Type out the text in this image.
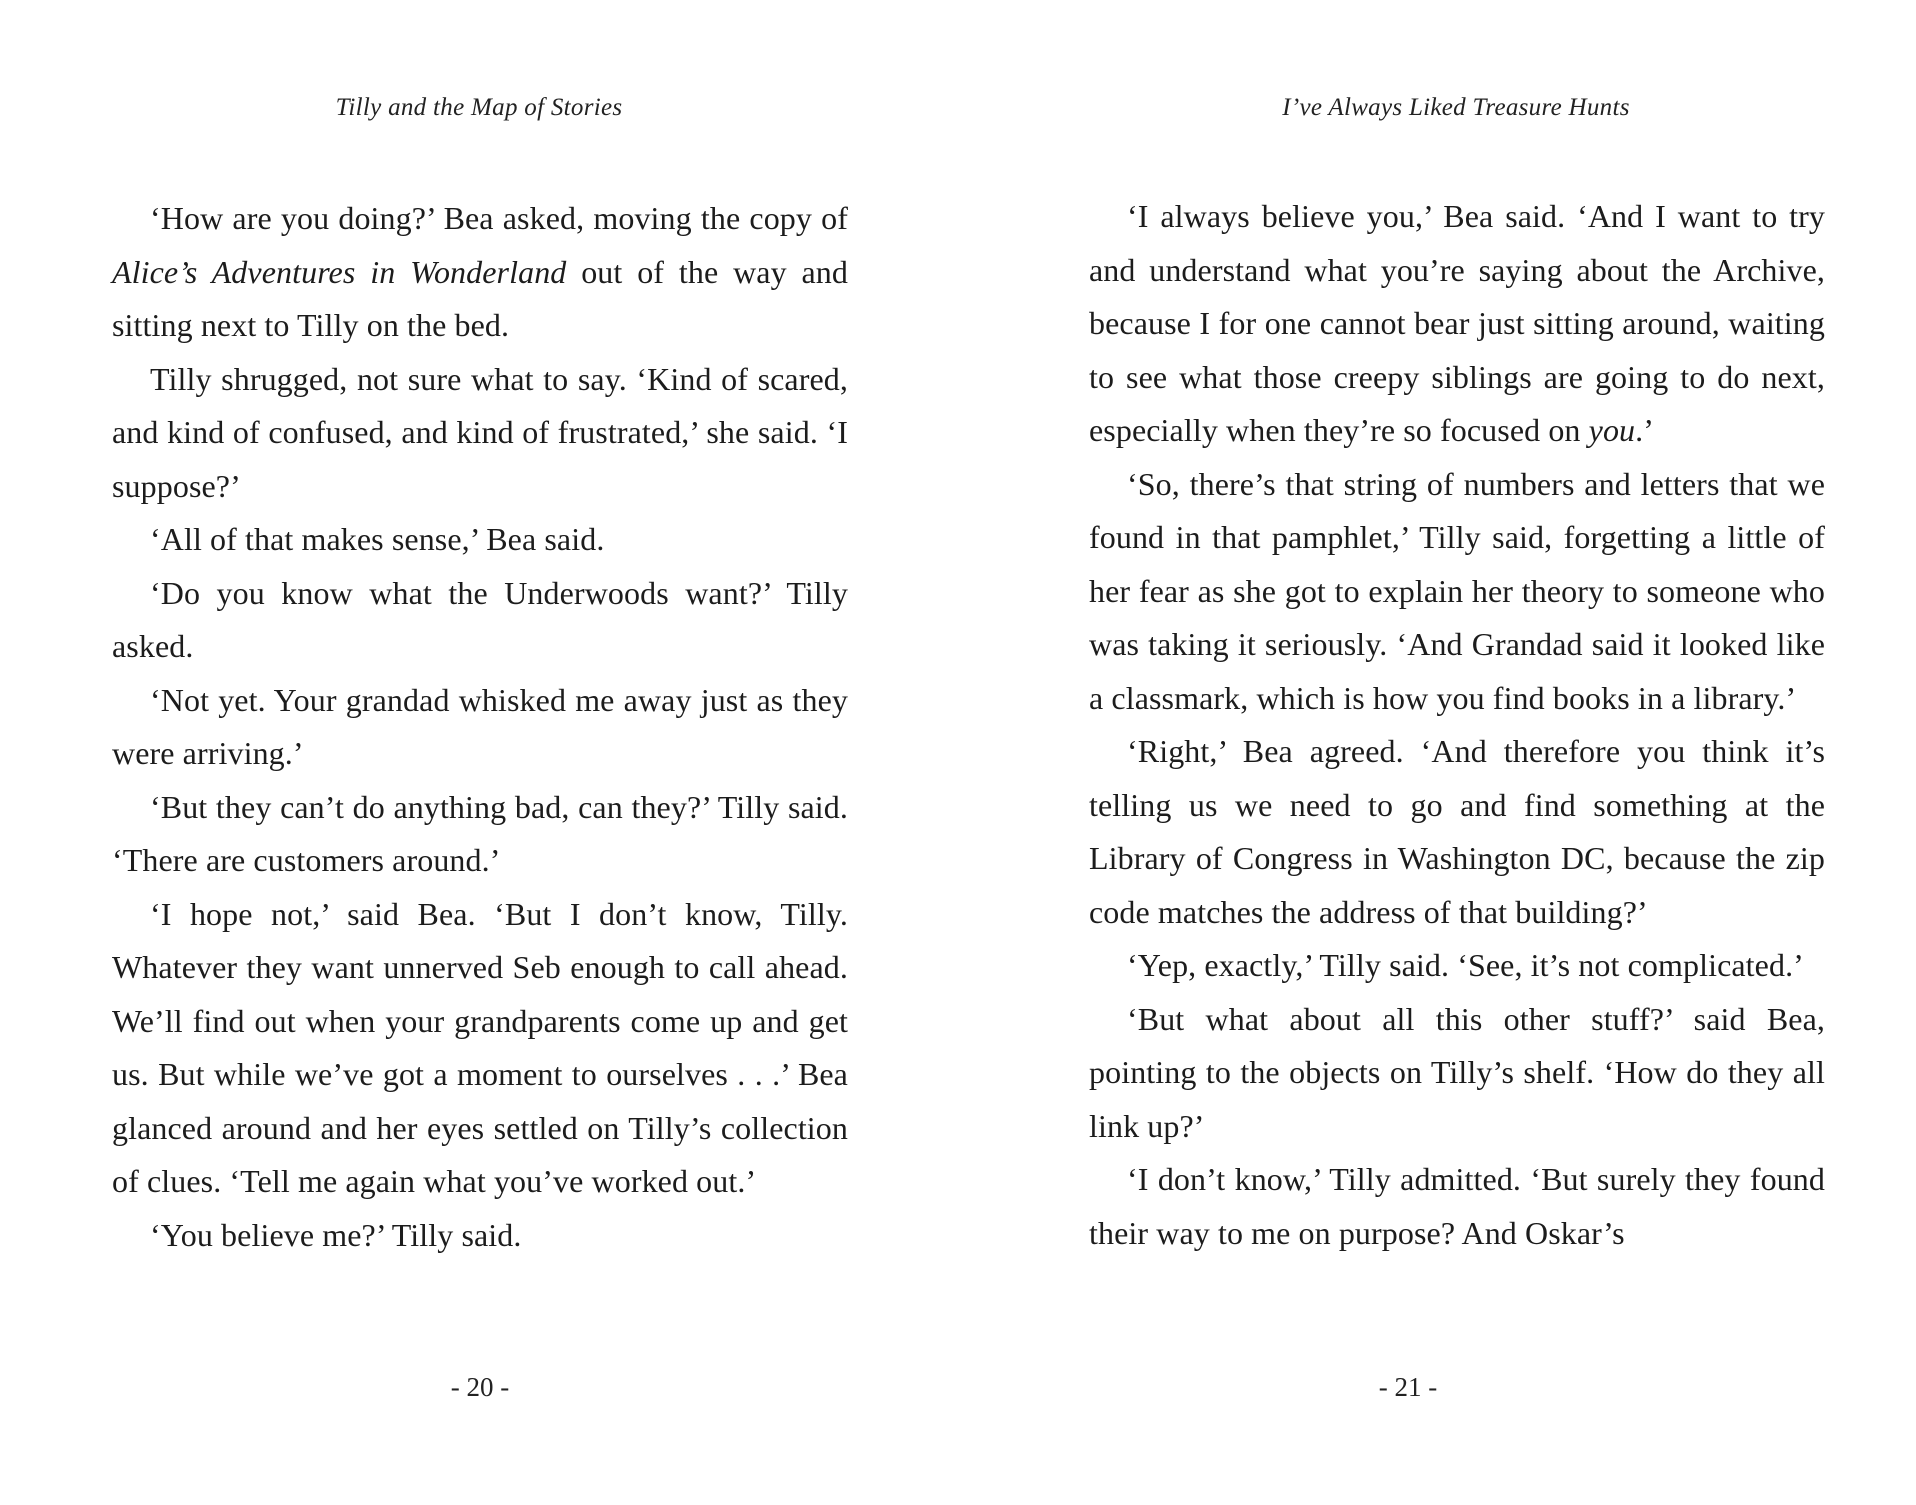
Tilly and the Map of Stories

‘How are you doing?’ Bea asked, moving the copy of Alice’s Adventures in Wonderland out of the way and sitting next to Tilly on the bed.

Tilly shrugged, not sure what to say. ‘Kind of scared, and kind of confused, and kind of frustrated,’ she said. ‘I suppose?’

‘All of that makes sense,’ Bea said.

‘Do you know what the Underwoods want?’ Tilly asked.

‘Not yet. Your grandad whisked me away just as they were arriving.’

‘But they can’t do anything bad, can they?’ Tilly said. ‘There are customers around.’

‘I hope not,’ said Bea. ‘But I don’t know, Tilly. Whatever they want unnerved Seb enough to call ahead. We’ll find out when your grandparents come up and get us. But while we’ve got a moment to ourselves . . .’ Bea glanced around and her eyes settled on Tilly’s collection of clues. ‘Tell me again what you’ve worked out.’

‘You believe me?’ Tilly said.

- 20 -
I’ve Always Liked Treasure Hunts

‘I always believe you,’ Bea said. ‘And I want to try and understand what you’re saying about the Archive, because I for one cannot bear just sitting around, waiting to see what those creepy siblings are going to do next, especially when they’re so focused on you.’

‘So, there’s that string of numbers and letters that we found in that pamphlet,’ Tilly said, forgetting a little of her fear as she got to explain her theory to someone who was taking it seriously. ‘And Grandad said it looked like a classmark, which is how you find books in a library.’

‘Right,’ Bea agreed. ‘And therefore you think it’s telling us we need to go and find something at the Library of Congress in Washington DC, because the zip code matches the address of that building?’

‘Yep, exactly,’ Tilly said. ‘See, it’s not complicated.’

‘But what about all this other stuff?’ said Bea, pointing to the objects on Tilly’s shelf. ‘How do they all link up?’

‘I don’t know,’ Tilly admitted. ‘But surely they found their way to me on purpose? And Oskar’s

- 21 -
